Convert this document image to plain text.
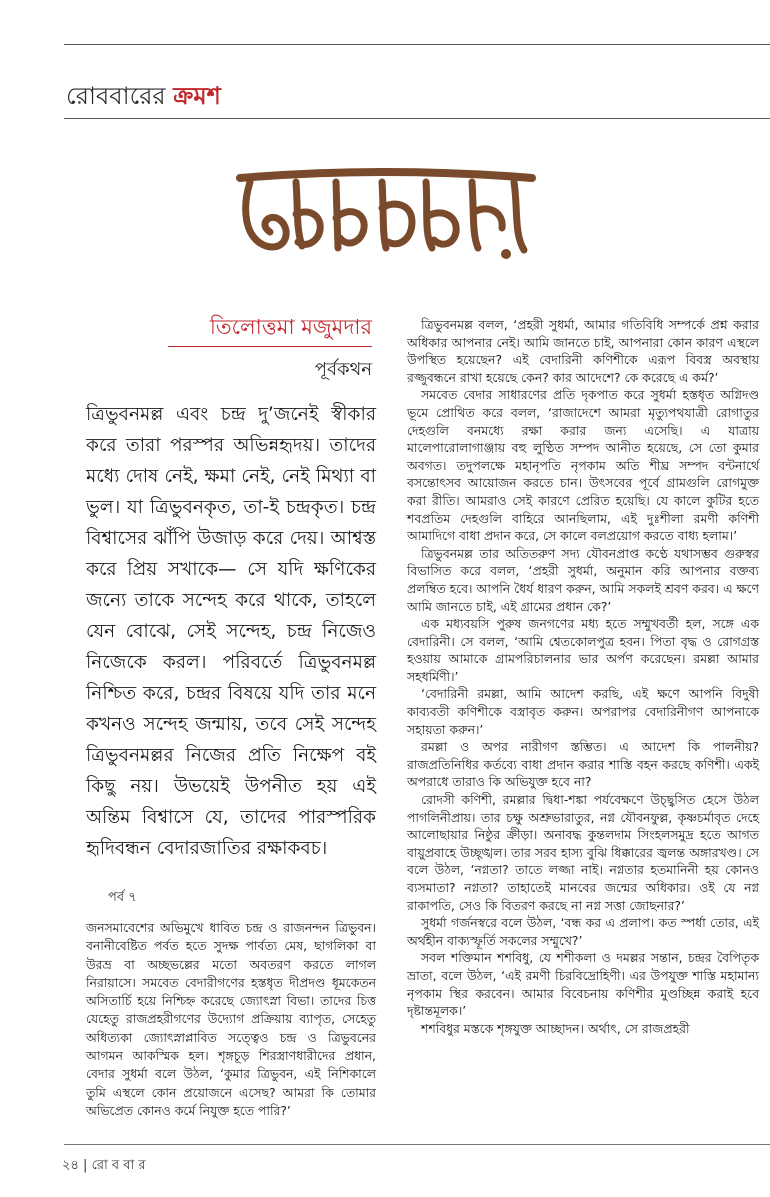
রোববারের ক্রমশ
তিলোত্তমা মজুমদার
পূর্বকথন
ত্রিভুবনমল্ল এবং চন্দ্র দু’জনেই স্বীকার করে তারা পরস্পর অভিন্নহৃদয়। তাদের মধ্যে দোষ নেই, ক্ষমা নেই, নেই মিথ্যা বা ভুল। যা ত্রিভুবনকৃত, তা-ই চন্দ্রকৃত। চন্দ্র বিশ্বাসের ঝাঁপি উজাড় করে দেয়। আশ্বস্ত করে প্রিয় সখাকে— সে যদি ক্ষণিকের জন্যে তাকে সন্দেহ করে থাকে, তাহলে যেন বোঝে, সেই সন্দেহ, চন্দ্র নিজেও নিজেকে করল। পরিবর্তে ত্রিভুবনমল্ল নিশ্চিত করে, চন্দ্রর বিষয়ে যদি তার মনে কখনও সন্দেহ জন্মায়, তবে সেই সন্দেহ ত্রিভুবনমল্লর নিজের প্রতি নিক্ষেপ বই কিছু নয়। উভয়েই উপনীত হয় এই অন্তিম বিশ্বাসে যে, তাদের পারস্পরিক হৃদিবন্ধন বেদারজাতির রক্ষাকবচ।
পর্ব ৭
জনসমাবেশের অভিমুখে ধাবিত চন্দ্র ও রাজনন্দন ত্রিভুবন। বনানীবেষ্টিত পর্বত হতে সুদক্ষ পার্বত্য মেষ, ছাগলিকা বা উরভ্র বা অচ্ছভল্লের মতো অবতরণ করতে লাগল নিরায়াসে। সমবেত বেদারীগণের হস্তধৃত দীপ্রদণ্ড ধূমকেতন অসিতার্চি হয়ে নিশ্চিহ্ন করেছে জ্যোৎস্না বিভা। তাদের চিত্ত যেহেতু রাজপ্রহরীগণের উদ্যোগ প্রক্রিয়ায় ব্যাপৃত, সেহেতু অধিত্যকা জ্যোৎস্নাপ্লাবিত সত্ত্বেও চন্দ্র ও ত্রিভুবনের আগমন আকস্মিক হল। শৃঙ্গচূড় শিরস্ত্রাণধারীদের প্রধান, বেদার সুধর্মা বলে উঠল, ‘কুমার ত্রিভুবন, এই নিশিকালে তুমি এস্থলে কোন প্রয়োজনে এসেছ? আমরা কি তোমার অভিপ্রেত কোনও কর্মে নিযুক্ত হতে পারি?’

ত্রিভুবনমল্ল বলল, ‘প্রহরী সুধর্মা, আমার গতিবিধি সম্পর্কে প্রশ্ন করার অধিকার আপনার নেই। আমি জানতে চাই, আপনারা কোন কারণ এস্থলে উপস্থিত হয়েছেন? এই বেদারিনী কণিশীকে এরূপ বিবস্ত্র অবস্থায় রজ্জুবন্ধনে রাখা হয়েছে কেন? কার আদেশে? কে করেছে এ কর্ম?’

সমবেত বেদার সাধারণের প্রতি দৃকপাত করে সুধর্মা হস্তধৃত অগ্নিদণ্ড ভূমে প্রোথিত করে বলল, ‘রাজাদেশে আমরা মৃত্যুপথযাত্রী রোগাতুর দেহগুলি বনমধ্যে রক্ষা করার জন্য এসেছি। এ যাত্রায় মালেপারোলাগাঞ্জায় বহু লুণ্ঠিত সম্পদ আনীত হয়েছে, সে তো কুমার অবগত। তদুপলক্ষে মহানৃপতি নৃপকাম অতি শীঘ্র সম্পদ বন্টনার্থে বসন্তোৎসব আয়োজন করতে চান। উৎসবের পূর্বে গ্রামগুলি রোগমুক্ত করা রীতি। আমরাও সেই কারণে প্রেরিত হয়েছি। যে কালে কুটির হতে শবপ্রতিম দেহগুলি বাহিরে আনছিলাম, এই দুঃশীলা রমণী কণিশী আমাদিগে বাধা প্রদান করে, সে কালে বলপ্রয়োগ করতে বাধ্য হলাম।’

ত্রিভুবনমল্ল তার অতিতরুণ সদ্য যৌবনপ্রাপ্ত কণ্ঠে যথাসম্ভব গুরুস্বর বিভাসিত করে বলল, ‘প্রহরী সুধর্মা, অনুমান করি আপনার বক্তব্য প্রলম্বিত হবে। আপনি ধৈর্য ধারণ করুন, আমি সকলই শ্রবণ করব। এ ক্ষণে আমি জানতে চাই, এই গ্রামের প্রধান কে?’

এক মধ্যবয়সি পুরুষ জনগণের মধ্য হতে সম্মুখবর্তী হল, সঙ্গে এক বেদারিনী। সে বলল, ‘আমি শ্বেতকোলপুত্র হবন। পিতা বৃদ্ধ ও রোগগ্রস্ত হওয়ায় আমাকে গ্রামপরিচালনার ভার অর্পণ করেছেন। রমল্লা আমার সহধর্মিণী।’

‘বেদারিনী রমল্লা, আমি আদেশ করছি, এই ক্ষণে আপনি বিদুষী কাব্যবতী কণিশীকে বস্ত্রাবৃত করুন। অপরাপর বেদারিনীগণ আপনাকে সহায়তা করুন।’

রমল্লা ও অপর নারীগণ স্তম্ভিত। এ আদেশ কি পালনীয়? রাজপ্রতিনিধির কর্তব্যে বাধা প্রদান করার শাস্তি বহন করছে কণিশী। একই অপরাধে তারাও কি অভিযুক্ত হবে না?

রোদসী কণিশী, রমল্লার দ্বিধা-শঙ্কা পর্যবেক্ষণে উচ্ছ্বসিত হেসে উঠল পাগলিনীপ্রায়। তার চক্ষু অশ্রুভারাতুর, নগ্ন যৌবনফুল্ল, কৃষ্ণচর্মাবৃত দেহে আলোছায়ার নিষ্ঠুর ক্রীড়া। অনাবদ্ধ কুন্তলদাম সিংহলসমুদ্র হতে আগত বায়ুপ্রবাহে উচ্ছৃঙ্খল। তার সরব হাস্য বুঝি ধিক্কারের জ্বলন্ত অঙ্গারখণ্ড। সে বলে উঠল, ‘নগ্নতা? তাতে লজ্জা নাই। নগ্নতার হতমানিনী হয় কোনও ব্যসমাতা? নগ্নতা? তাহাতেই মানবের জন্মের অধিকার। ওই যে নগ্ন রাকাপতি, সেও কি বিতরণ করছে না নগ্ন সত্তা জোছনার?’

সুধর্মা গর্জনস্বরে বলে উঠল, ‘বন্ধ কর এ প্রলাপ। কত স্পর্ধা তোর, এই অর্থহীন বাক্যস্ফূর্তি সকলের সম্মুখে?’

সবল শক্তিমান শশবিধু, যে শশীকলা ও দমল্লর সন্তান, চন্দ্রর বৈপিতৃক ভ্রাতা, বলে উঠল, ‘এই রমণী চিরবিদ্রোহিণী। এর উপযুক্ত শাস্তি মহামান্য নৃপকাম স্থির করবেন। আমার বিবেচনায় কণিশীর মুণ্ডচ্ছিন্ন করাই হবে দৃষ্টান্তমূলক।’

শশবিধুর মস্তকে শৃঙ্গযুক্ত আচ্ছাদন। অর্থাৎ, সে রাজপ্রহরী

২৪ | রো ব বা র
